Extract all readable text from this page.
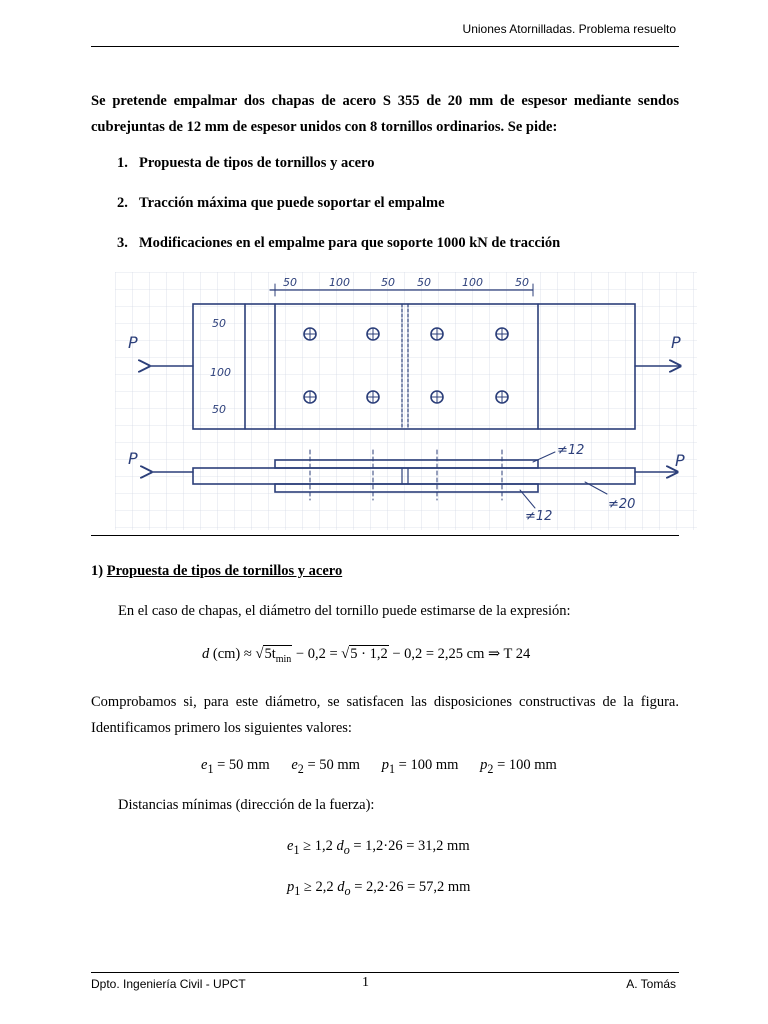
Uniones Atornilladas. Problema resuelto
Se pretende empalmar dos chapas de acero S 355 de 20 mm de espesor mediante sendos cubrejuntas de 12 mm de espesor unidos con 8 tornillos ordinarios. Se pide:
1. Propuesta de tipos de tornillos y acero
2. Tracción máxima que puede soportar el empalme
3. Modificaciones en el empalme para que soporte 1000 kN de tracción
50	100	50 50	100	50
50
100
50
P	P
P	P
≠12
≠20
≠12
1) Propuesta de tipos de tornillos y acero
En el caso de chapas, el diámetro del tornillo puede estimarse de la expresión:
d $(cm) \approx √5t_{min} - 0,2 = √5 \cdot 1,2 - 0,2 = 2,25$ cm ⇒ T 24
Comprobamos si, para este diámetro, se satisfacen las disposiciones constructivas de la figura. Identificamos primero los siguientes valores:
$e_1 = 50$ mm $e_2 = 50$ mm $p_1 = 100$ mm $p_2 = 100$ mm
Distancias mínimas (dirección de la fuerza):
$e_1 \ge 1,2$ $d_o = 1,2\cdot 26 = 31,2$ mm
$p_1 \ge 2,2$ $d_o = 2,2\cdot 26 = 57,2$ mm
Dpto. Ingeniería Civil - UPCT	1	A. Tomás
